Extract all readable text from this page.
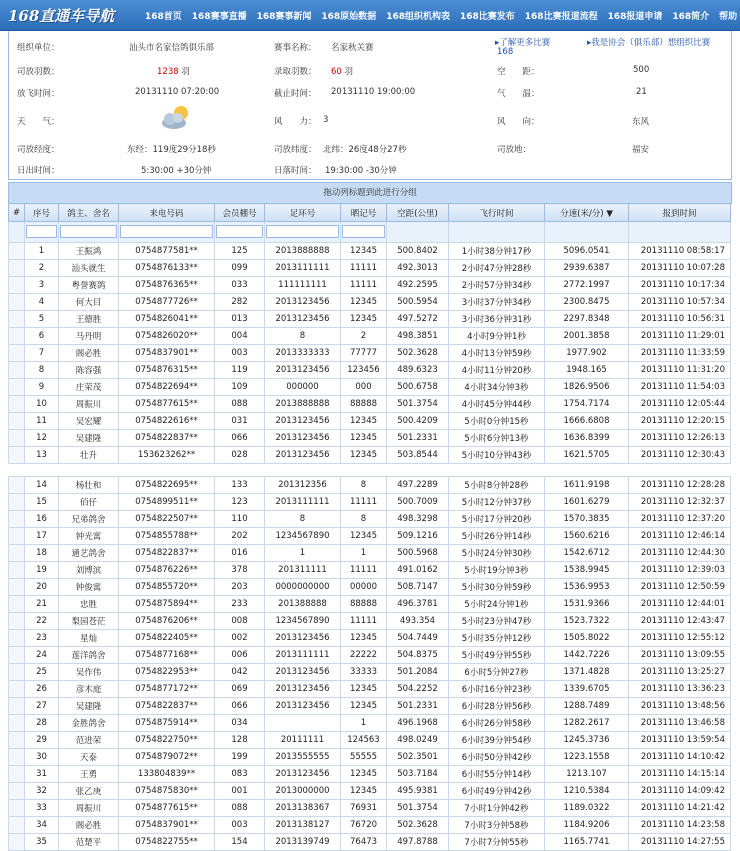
168直通车导航	168首页 168赛事直播 168赛事新闻 168原始数据 168组织机构表 168比赛发布 168比赛报道流程 168报道申请 168简介 帮助
组织单位：	汕头市名家信鸽俱乐部	赛事名称： 名家秋关赛	▸了解更多比赛
168
▸我是协会（俱乐部）想组织比赛
司放羽数：	1238 羽	录取羽数： 60 羽	空　　距：	500
放飞时间：	20131110 07:20:00	截止时间： 20131110 19:00:00	气　　温：	21
天　　气：	风　　力： 3	风　　向：	东风
司放经度：	东经：119度29分18秒	司放纬度： 北纬：26度48分27秒	司放地：	福安
日出时间：	5:30:00 +30分钟	日落时间： 19:30:00 -30分钟
拖动列标题到此进行分组
#	序号	鸽主、舍名	来电号码	会员棚号	足环号	晒记号	空距(公里)	飞行时间	分速(米/分) ▼	报到时间

	1	王振鸿	0754877581**	125	2013888888	12345	500.8402	1小时38分钟17秒	5096.0541	20131110 08:58:17
	2	汕头就生	0754876133**	099	2013111111	11111	492.3013	2小时47分钟28秒	2939.6387	20131110 10:07:28
	3	粤誉赛鸽	0754876365**	033	111111111	11111	492.2595	2小时57分钟34秒	2772.1997	20131110 10:17:34
	4	何大目	0754877726**	282	2013123456	12345	500.5954	3小时37分钟34秒	2300.8475	20131110 10:57:34
	5	王德胜	0754826041**	013	2013123456	12345	497.5272	3小时36分钟31秒	2297.8348	20131110 10:56:31
	6	马丹明	0754826020**	004	8	2	498.3851	4小时9分钟1秒	2001.3858	20131110 11:29:01
	7	阁必胜	0754837901**	003	2013333333	77777	502.3628	4小时13分钟59秒	1977.902	20131110 11:33:59
	8	陈容强	0754876315**	119	2013123456	123456	489.6323	4小时11分钟20秒	1948.165	20131110 11:31:20
	9	庄荣茂	0754822694**	109	000000	000	500.6758	4小时34分钟3秒	1826.9506	20131110 11:54:03
	10	周振川	0754877615**	088	2013888888	88888	501.3754	4小时45分钟44秒	1754.7174	20131110 12:05:44
	11	吴宏耀	0754822616**	031	2013123456	12345	500.4209	5小时0分钟15秒	1666.6808	20131110 12:20:15
	12	吴建隆	0754822837**	066	2013123456	12345	501.2331	5小时6分钟13秒	1636.8399	20131110 12:26:13
	13	壮升	153623262**	028	2013123456	12345	503.8544	5小时10分钟43秒	1621.5705	20131110 12:30:43

	14	杨壮和	0754822695**	133	201312356	8	497.2289	5小时8分钟28秒	1611.9198	20131110 12:28:28
	15	佰仔	0754899511**	123	2013111111	11111	500.7009	5小时12分钟37秒	1601.6279	20131110 12:32:37
	16	兄弟鸽舍	0754822507**	110	8	8	498.3298	5小时17分钟20秒	1570.3835	20131110 12:37:20
	17	钟光寓	0754855788**	202	1234567890	12345	509.1216	5小时26分钟14秒	1560.6216	20131110 12:46:14
	18	通艺鸽舍	0754822837**	016	1	1	500.5968	5小时24分钟30秒	1542.6712	20131110 12:44:30
	19	刘博滨	0754876226**	378	201311111	11111	491.0162	5小时19分钟3秒	1538.9945	20131110 12:39:03
	20	钟俊寓	0754855720**	203	0000000000	00000	508.7147	5小时30分钟59秒	1536.9953	20131110 12:50:59
	21	忠胜	0754875894**	233	201388888	88888	496.3781	5小时24分钟1秒	1531.9366	20131110 12:44:01
	22	梨园苍茫	0754876206**	008	1234567890	11111	493.354	5小时23分钟47秒	1523.7322	20131110 12:43:47
	23	星灿	0754822405**	002	2013123456	12345	504.7449	5小时35分钟12秒	1505.8022	20131110 12:55:12
	24	莲洋鸽舍	0754877168**	006	2013111111	22222	504.8375	5小时49分钟55秒	1442.7226	20131110 13:09:55
	25	吴作伟	0754822953**	042	2013123456	33333	501.2084	6小时5分钟27秒	1371.4828	20131110 13:25:27
	26	彦木庭	0754877172**	069	2013123456	12345	504.2252	6小时16分钟23秒	1339.6705	20131110 13:36:23
	27	吴建隆	0754822837**	066	2013123456	12345	501.2331	6小时28分钟56秒	1288.7489	20131110 13:48:56
	28	金胜鸽舍	0754875914**	034		1	496.1968	6小时26分钟58秒	1282.2617	20131110 13:46:58
	29	范进荣	0754822750**	128	20111111	124563	498.0249	6小时39分钟54秒	1245.3736	20131110 13:59:54
	30	天泰	0754879072**	199	2013555555	55555	502.3501	6小时50分钟42秒	1223.1558	20131110 14:10:42
	31	王勇	133804839**	083	2013123456	12345	503.7184	6小时55分钟14秒	1213.107	20131110 14:15:14
	32	张乙庚	0754875830**	001	2013000000	12345	495.9381	6小时49分钟42秒	1210.5384	20131110 14:09:42
	33	周振川	0754877615**	088	2013138367	76931	501.3754	7小时1分钟42秒	1189.0322	20131110 14:21:42
	34	阁必胜	0754837901**	003	2013138127	76720	502.3628	7小时3分钟58秒	1184.9206	20131110 14:23:58
	35	范楚平	0754822755**	154	2013139749	76473	497.8788	7小时7分钟55秒	1165.7741	20131110 14:27:55
